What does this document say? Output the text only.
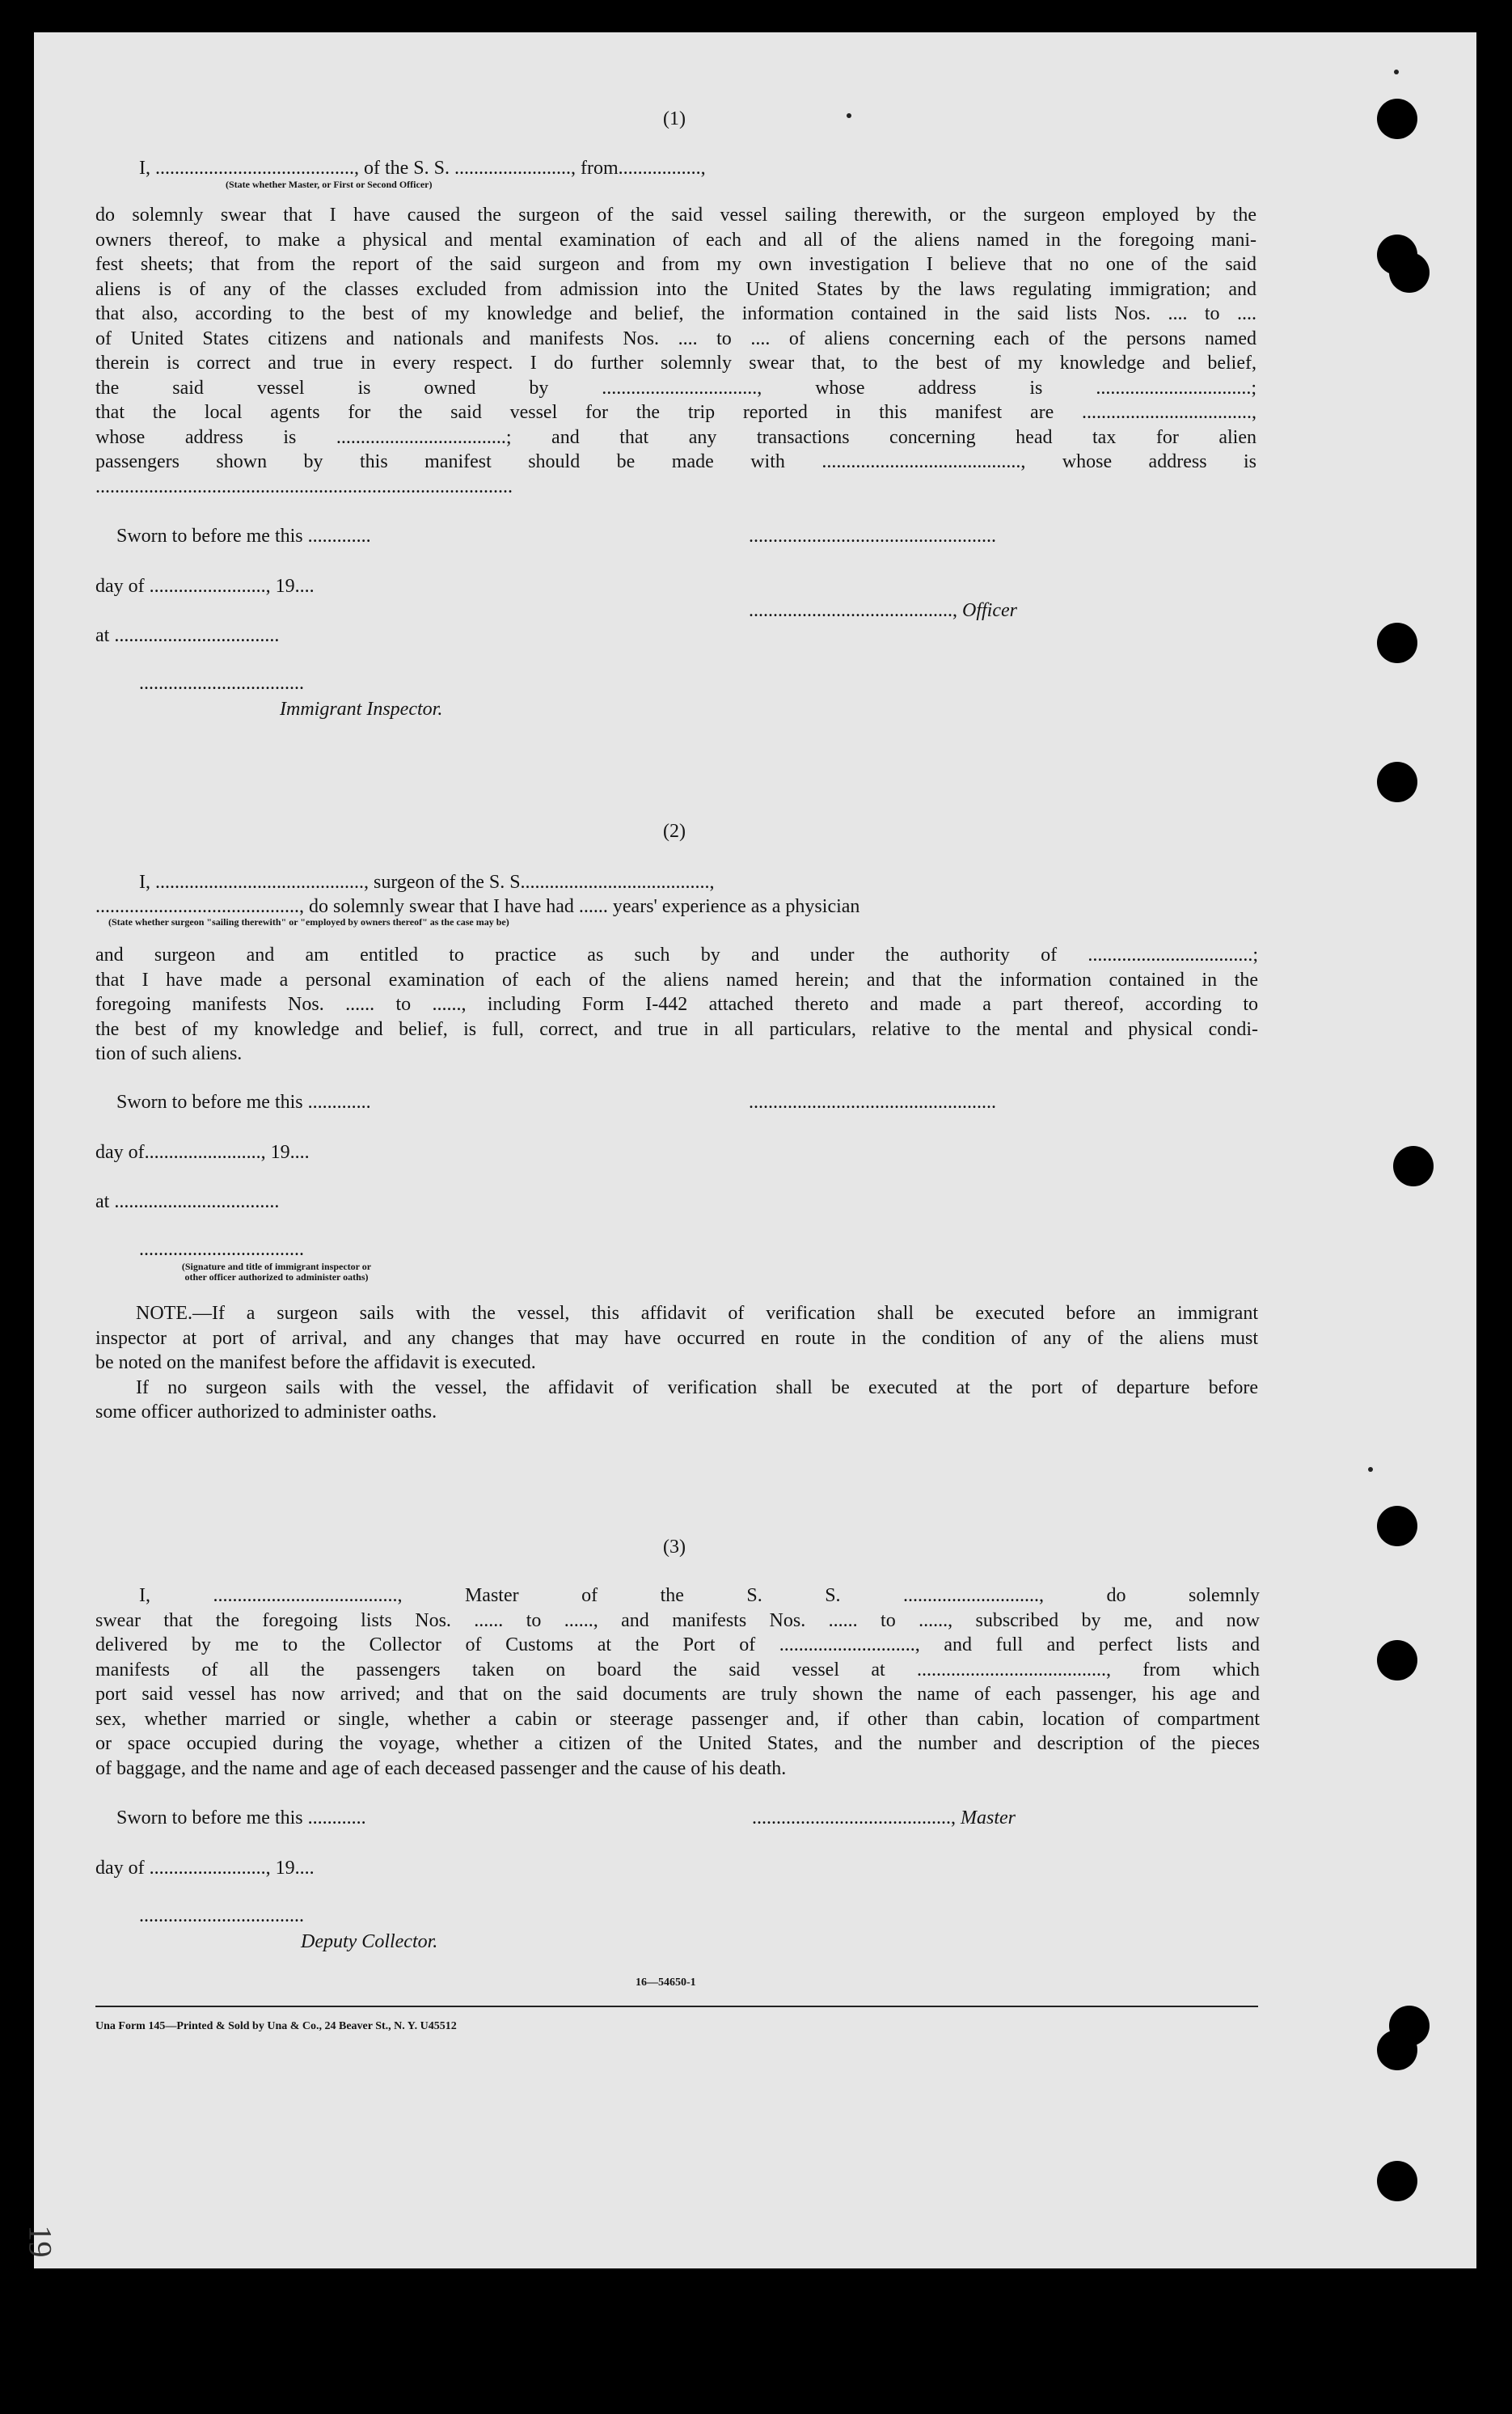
(1)
I, ........................................., of the S. S. ........................, from.................,
(State whether Master, or First or Second Officer)
do solemnly swear that I have caused the surgeon of the said vessel sailing therewith, or the surgeon employed by the
owners thereof, to make a physical and mental examination of each and all of the aliens named in the foregoing mani-
fest sheets; that from the report of the said surgeon and from my own investigation I believe that no one of the said
aliens is of any of the classes excluded from admission into the United States by the laws regulating immigration; and
that also, according to the best of my knowledge and belief, the information contained in the said lists Nos. .... to ....
of United States citizens and nationals and manifests Nos. .... to .... of aliens concerning each of the persons named
therein is correct and true in every respect. I do further solemnly swear that, to the best of my knowledge and belief,
the said vessel is owned by ................................, whose address is ................................;
that the local agents for the said vessel for the trip reported in this manifest are ...................................,
whose address is ...................................; and that any transactions concerning head tax for alien
passengers shown by this manifest should be made with ........................................., whose address is
......................................................................................
Sworn to before me this .............	...................................................
day of ........................, 19....
.........................................., Officer
at ..................................
..................................
Immigrant Inspector.
(2)
I, ..........................................., surgeon of the S. S.......................................,
.........................................., do solemnly swear that I have had ...... years' experience as a physician
(State whether surgeon "sailing therewith" or "employed by owners thereof" as the case may be)
and surgeon and am entitled to practice as such by and under the authority of ..................................;
that I have made a personal examination of each of the aliens named herein; and that the information contained in the
foregoing manifests Nos. ...... to ......, including Form I-442 attached thereto and made a part thereof, according to
the best of my knowledge and belief, is full, correct, and true in all particulars, relative to the mental and physical condi-
tion of such aliens.
Sworn to before me this .............	...................................................
day of........................, 19....
at ..................................
..................................
(Signature and title of immigrant inspector or
other officer authorized to administer oaths)
NOTE.—If a surgeon sails with the vessel, this affidavit of verification shall be executed before an immigrant
inspector at port of arrival, and any changes that may have occurred en route in the condition of any of the aliens must
be noted on the manifest before the affidavit is executed.
If no surgeon sails with the vessel, the affidavit of verification shall be executed at the port of departure before
some officer authorized to administer oaths.
(3)
I, ......................................, Master of the S. S. ............................, do solemnly
swear that the foregoing lists Nos. ...... to ......, and manifests Nos. ...... to ......, subscribed by me, and now
delivered by me to the Collector of Customs at the Port of ............................, and full and perfect lists and
manifests of all the passengers taken on board the said vessel at ......................................., from which
port said vessel has now arrived; and that on the said documents are truly shown the name of each passenger, his age and
sex, whether married or single, whether a cabin or steerage passenger and, if other than cabin, location of compartment
or space occupied during the voyage, whether a citizen of the United States, and the number and description of the pieces
of baggage, and the name and age of each deceased passenger and the cause of his death.
Sworn to before me this ............	........................................., Master
day of ........................, 19....
..................................
Deputy Collector.
16—54650-1
Una Form 145—Printed & Sold by Una & Co., 24 Beaver St., N. Y. U45512
19
